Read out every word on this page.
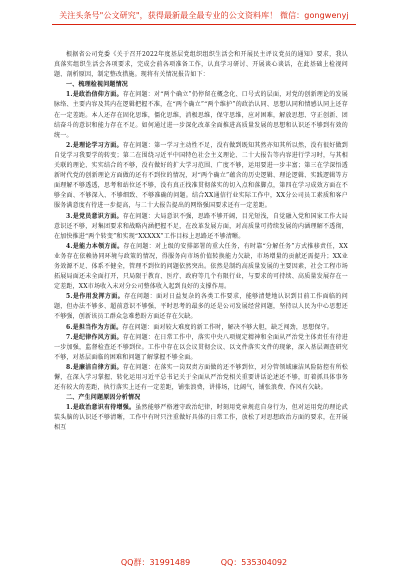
关注头条号"公文研究"，获得最新最全最专业的公文资料库！ 微信：gongwenyj

根据省公司党委《关于召开2022年度基层党组织组织生活会和开展民主评议党员的通知》要求，我认真落实组织生活会各项要求，完成会前各项准备工作，认真学习研讨、开展谈心谈话，在此基础上检视问题、剖析原因，制定整改措施。现将有关情况报告如下：

一、梳理检视问题情况

1.是政治信仰方面。存在问题：对“两个确立”仍停留在概念化、口号式的层面，对党的创新理论的发展脉络、主要内容及其内在逻辑把握不准，在“两个确立”“两个维护”的政治认同、思想认同和情感认同上还存在一定差距。本人还存在固化思维，僵化思维，消极思维，保守思维，应对困难，解放思想、守正创新、团结奋斗的意识和能力存在不足。如何通过进一步深化改革全面推进高质量发展的思想和认识还不够到有效的统一。

2.是理论学习方面。存在问题：第一学习主动性不足，没有做到既知其然亦知其所以然，没有很好做到自觉学习我要学的转变；第二在围绕习近平中国特色社会主义理论、二十大报告等内容进行学习时，与其相关联的理论、实实结合的不够，没有做好的扩大学习范围、广度不够，运用要进一步丰富；第三在学深悟透新时代党的创新理论方面做的还有不到位的情况，对“两个确立”蕴含的历史逻辑、理论逻辑、实践逻辑等方面理解不够透透，思考和站位还不够，没有真正找准贯彻落实的切入点和落脚点，第四在学习成效方面在不够全面、不够深入、不够细致、不够准确的问题。结合XX通信行业实际工作中，XX分公司员工素质和客户服务满意度有待进一步提高，与二十大报告提出的网络强国要求还有一定差距。

3.是党员意识方面。存在问题：大局意识不强，思路不够开阔，目光短浅，自觉融入党和国家工作大局意识还不够，对集团要求和战略内涵把握不足，在改革发展方面，对高质量可持续发展的内涵理解不透彻，在加快推进“两个转变”和实现“XXXXX”工作目标上思路还不够清晰。

4.是能力本领方面。存在问题：对上级的安排部署的重大任务，有时靠“分解任务”方式推移责任，XX业务存在依赖协同环境与政策的情况，得服务向市场价值转换能力欠缺，市场增量的贡献还需提升；XX业务效源不足、体系不健全，管理不到位的问题依然突出。依然是制约高质量发展的主要因素，社会工程市场拓展局面还未全面打开，只局限于教育、医疗、政府等几个有限行业，与要求的可持续、高质量发展存在一定差距，XX市场收入未对分公司整体收入起到良好的支撑作用。

5.是作用发挥方面。存在问题：面对日益复杂的各类工作要求，能够清楚地认识到目前工作面临的问题，但办法不够多、超前意识不够强，平时思考的最多的还是公司发展经营问题，坚持以人民为中心思想还不够强，创新该员工群众急难愁盼方面还存在欠缺。

6.是担当作为方面。存在问题：面对较大难度的新工作时，解决不够大胆，缺乏闯劲，思想保守。

7.是纪律作风方面。存在问题：在日常工作中，落实中央八项规定精神和全面从严治党主体责任有待进一步加强，监督检查还不够到位。工作中存在以会议贯彻会议、以文件落实文件的现象，深入基层调查研究不够，对基层面临的困难和问题了解掌握不够全面。

8.是廉洁自律方面。存在问题：在落实一岗双责方面做的还不够到位，对分管领域廉洁风险防控有所松懈，在深入学习掌握、转化运用习近平总书记关于全面从严治党相关重要讲话论述还不够，盯着抓具体事务还有较大的差距，执行落实上还有一定差距，铺张浪费，讲排场，比阔气，铺张浪费、作风有欠缺。

二、产生问题原因分析情况

1.是政治意识有待增强。虽然能够严格遵守政治纪律，时刻用党章规范自身行为，但对运用党的理论武装头脑的认识还不够清晰，工作中有时只注重做好具体的日常工作，放松了对思想政治方面的要求，在开展相互

QQ群：31991489	QQ：535304092
